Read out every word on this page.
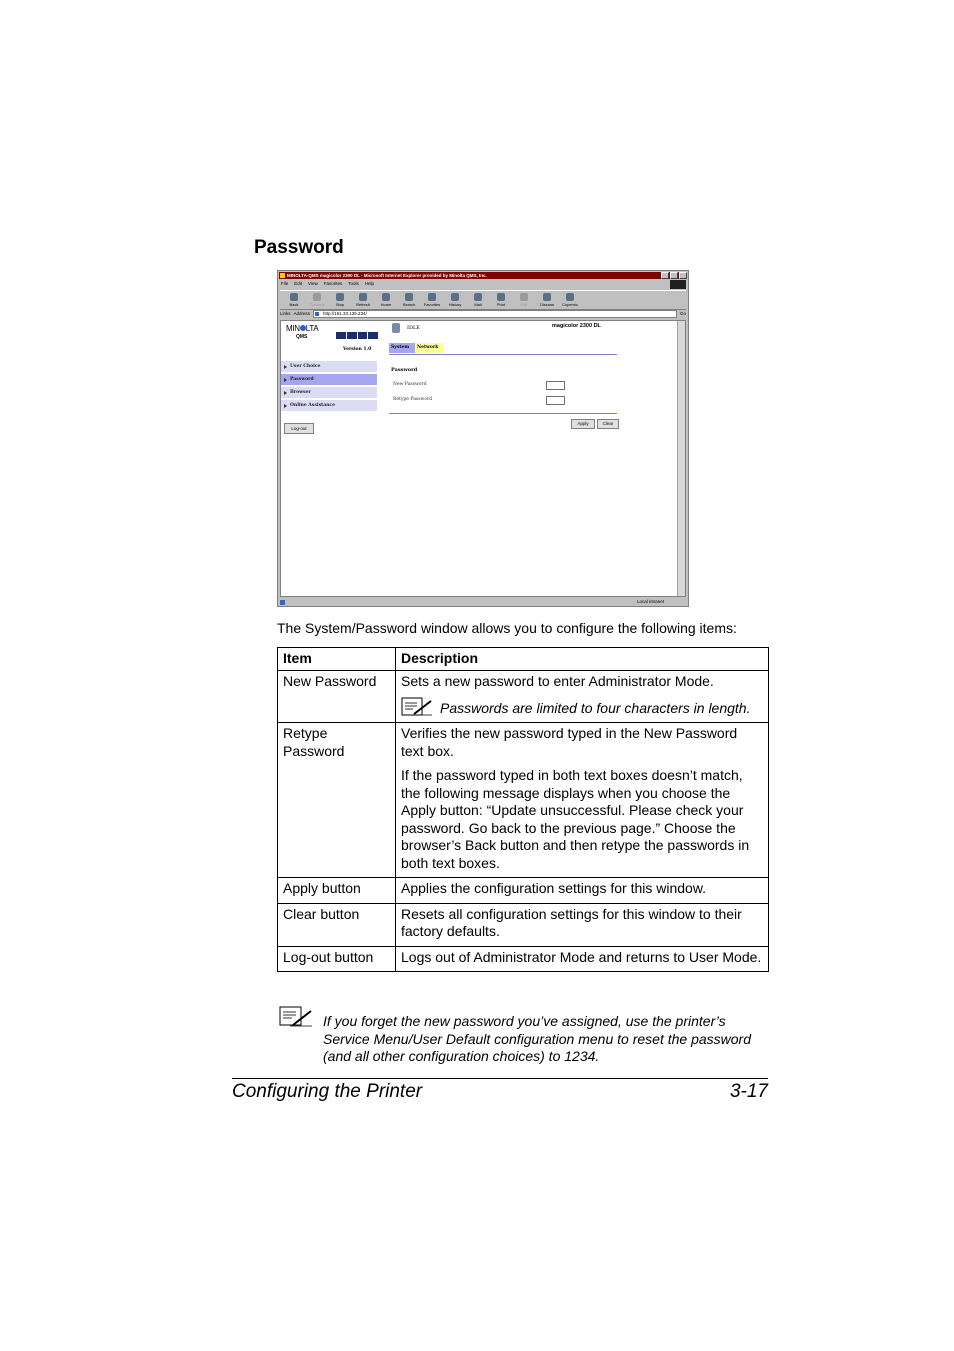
Password
MINOLTA-QMS magicolor 2300 DL - Microsoft Internet Explorer provided by Minolta QMS, Inc.
File Edit View Favorites Tools Help
Back	Forward	Stop	Refresh	Home	Search Favorites History	Mail	Print	Edit	Discuss Copernic
Links Address	http://161.33.135.234/	Go
MIN LTA
QMS
Version 1.0
User Choice
Password
Browser
Online Assistance
Log-out
IDLE	magicolor 2300 DL
System	Network
Password
New Password
Retype Password
Apply	Clear
Local intranet
The System/Password window allows you to configure the following items:
Item	Description
New Password	Sets a new password to enter Administrator Mode.

Passwords are limited to four characters in length.

Retype Password	Verifies the new password typed in the New Password text box.

If the password typed in both text boxes doesn’t match, the following message displays when you choose the Apply button: “Update unsuccessful. Please check your password. Go back to the previous page.” Choose the browser’s Back button and then retype the passwords in both text boxes.

Apply button	Applies the configuration settings for this window.

Clear button	Resets all configuration settings for this window to their factory defaults.

Log-out button	Logs out of Administrator Mode and returns to User Mode.

If you forget the new password you’ve assigned, use the printer’s Service Menu/User Default configuration menu to reset the password (and all other configuration choices) to 1234.
Configuring the Printer	3-17
